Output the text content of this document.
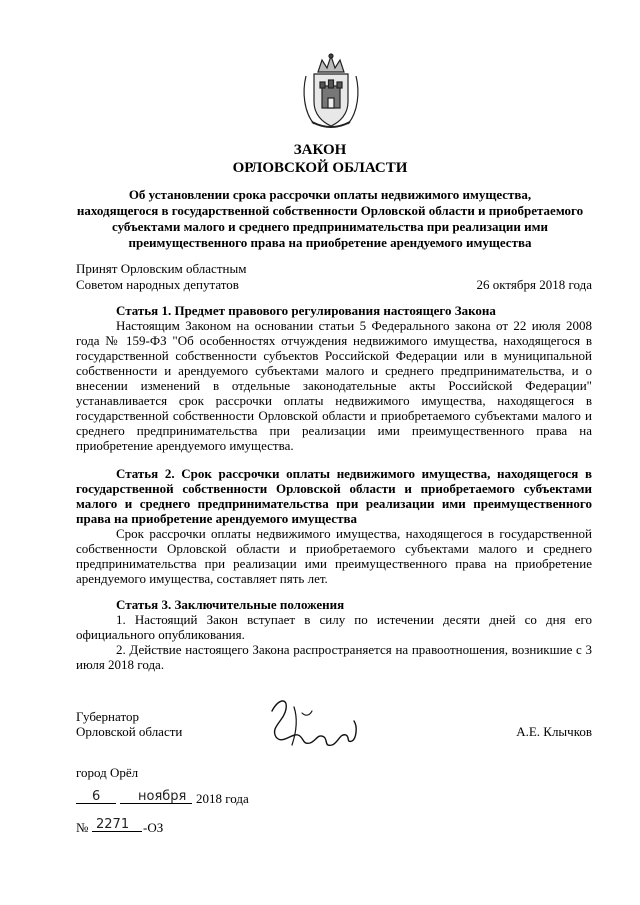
ЗАКОН
ОРЛОВСКОЙ ОБЛАСТИ
Об установлении срока рассрочки оплаты недвижимого имущества,
находящегося в государственной собственности Орловской области и приобретаемого
субъектами малого и среднего предпринимательства при реализации ими
преимущественного права на приобретение арендуемого имущества
Принят Орловским областным
Советом народных депутатов	26 октября 2018 года

Статья 1. Предмет правового регулирования настоящего Закона

Настоящим Законом на основании статьи 5 Федерального закона от 22 июля 2008 года № 159-ФЗ "Об особенностях отчуждения недвижимого имущества, находящегося в государственной собственности субъектов Российской Федерации или в муниципальной собственности и арендуемого субъектами малого и среднего предпринимательства, и о внесении изменений в отдельные законодательные акты Российской Федерации" устанавливается срок рассрочки оплаты недвижимого имущества, находящегося в государственной собственности Орловской области и приобретаемого субъектами малого и среднего предпринимательства при реализации ими преимущественного права на приобретение арендуемого имущества.

Статья 2. Срок рассрочки оплаты недвижимого имущества, находящегося в государственной собственности Орловской области и приобретаемого субъектами малого и среднего предпринимательства при реализации ими преимущественного права на приобретение арендуемого имущества

Срок рассрочки оплаты недвижимого имущества, находящегося в государственной собственности Орловской области и приобретаемого субъектами малого и среднего предпринимательства при реализации ими преимущественного права на приобретение арендуемого имущества, составляет пять лет.

Статья 3. Заключительные положения

1. Настоящий Закон вступает в силу по истечении десяти дней со дня его официального опубликования.

2. Действие настоящего Закона распространяется на правоотношения, возникшие с 3 июля 2018 года.

Губернатор
Орловской области	А.Е. Клычков
город Орёл
6	ноября 2018 года
№ 2271 -ОЗ
